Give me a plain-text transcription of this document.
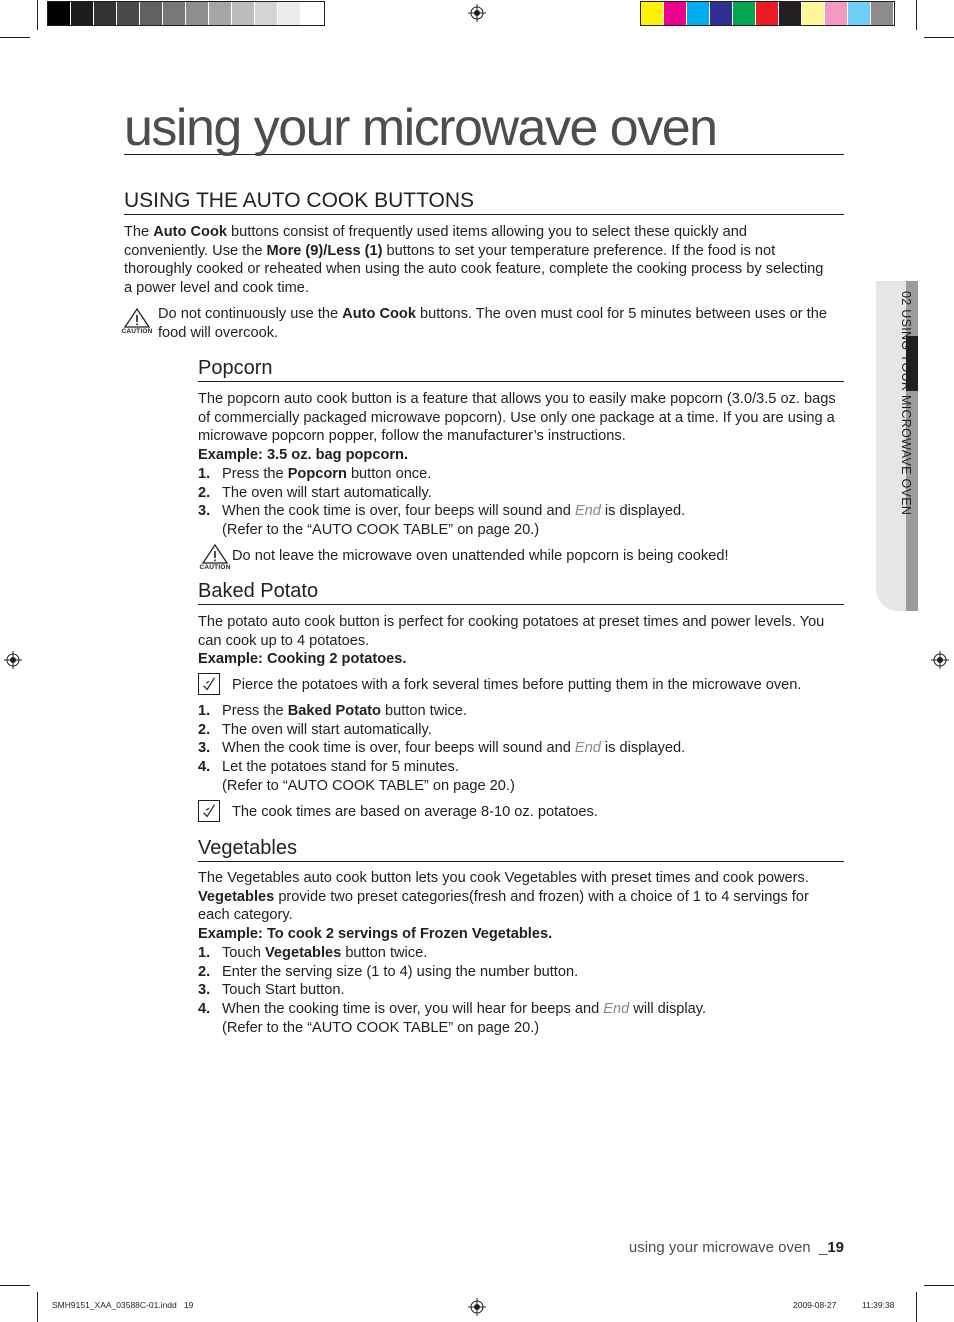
using your microwave oven
02 USING YOUR MICROWAVE OVEN
USING THE AUTO COOK BUTTONS
The Auto Cook buttons consist of frequently used items allowing you to select these quickly and conveniently. Use the More (9)/Less (1) buttons to set your temperature preference. If the food is not thoroughly cooked or reheated when using the auto cook feature, complete the cooking process by selecting a power level and cook time.
CAUTION
Do not continuously use the Auto Cook buttons. The oven must cool for 5 minutes between uses or the food will overcook.
Popcorn
The popcorn auto cook button is a feature that allows you to easily make popcorn (3.0/3.5 oz. bags of commercially packaged microwave popcorn). Use only one package at a time. If you are using a microwave popcorn popper, follow the manufacturer’s instructions.
Example: 3.5 oz. bag popcorn.
1. Press the Popcorn button once.
2. The oven will start automatically.
3. When the cook time is over, four beeps will sound and End is displayed.
(Refer to the “AUTO COOK TABLE” on page 20.)
CAUTION
Do not leave the microwave oven unattended while popcorn is being cooked!
Baked Potato
The potato auto cook button is perfect for cooking potatoes at preset times and power levels. You can cook up to 4 potatoes.
Example: Cooking 2 potatoes.
Pierce the potatoes with a fork several times before putting them in the microwave oven.
1. Press the Baked Potato button twice.
2. The oven will start automatically.
3. When the cook time is over, four beeps will sound and End is displayed.
4. Let the potatoes stand for 5 minutes.
(Refer to “AUTO COOK TABLE” on page 20.)
The cook times are based on average 8-10 oz. potatoes.
Vegetables
The Vegetables auto cook button lets you cook Vegetables with preset times and cook powers. Vegetables provide two preset categories(fresh and frozen) with a choice of 1 to 4 servings for each category.
Example: To cook 2 servings of Frozen Vegetables.
1. Touch Vegetables button twice.
2. Enter the serving size (1 to 4) using the number button.
3. Touch Start button.
4. When the cooking time is over, you will hear for beeps and End will display.
(Refer to the “AUTO COOK TABLE” on page 20.)
using your microwave oven  _19
SMH9151_XAA_03588C-01.indd   19	2009-08-27	11:39:38
